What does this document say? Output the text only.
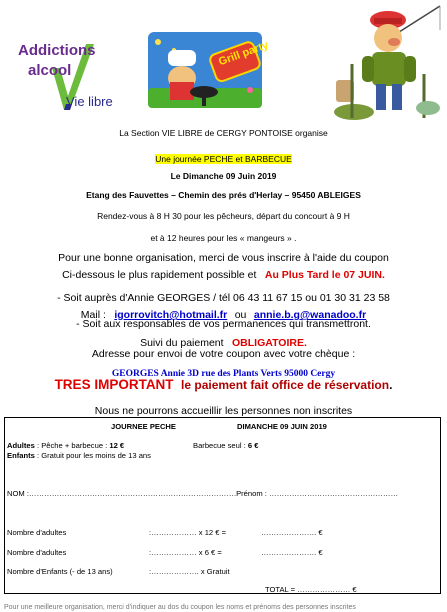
Addictions
alcool
Vie libre
Grill party
La Section VIE LIBRE de CERGY PONTOISE organise
Une journée PECHE et BARBECUE
Le Dimanche 09 Juin 2019
Etang des Fauvettes – Chemin des prés d'Herlay – 95450 ABLEIGES
Rendez-vous à 8 H 30 pour les pêcheurs, départ du concourt à 9 H
et à 12 heures pour les « mangeurs » .
Pour une bonne organisation, merci de vous inscrire à l'aide du coupon
Ci-dessous le plus rapidement possible et Au Plus Tard le 07 JUIN.
- Soit auprès d'Annie GEORGES / tél 06 43 11 67 15 ou 01 30 31 23 58
Mail : igorrovitch@hotmail.fr ou annie.b.g@wanadoo.fr
- Soit aux responsables de vos permanences qui transmettront.
Suivi du paiement OBLIGATOIRE.
Adresse pour envoi de votre coupon avec votre chèque :
GEORGES Annie 3D rue des Plants Verts 95000 Cergy
TRES IMPORTANT le paiement fait office de réservation.
Nous ne pourrons accueillir les personnes non inscrites
JOURNEE PECHE	DIMANCHE 09 JUIN 2019
Adultes : Pêche + barbecue : 12 €	Barbecue seul : 6 €
Enfants : Gratuit pour les moins de 13 ans
NOM :……………………………………………………………………….Prénom : ……………………………………………
Nombre d'adultes	:……………… x 12 € =	…………………. €
Nombre d'adultes	:……………… x 6 € =	…………………. €
Nombre d'Enfants (- de 13 ans)	:………………. x Gratuit
TOTAL = ………………… €
Pour une meilleure organisation, merci d'indiquer au dos du coupon les noms et prénoms des personnes inscrites
